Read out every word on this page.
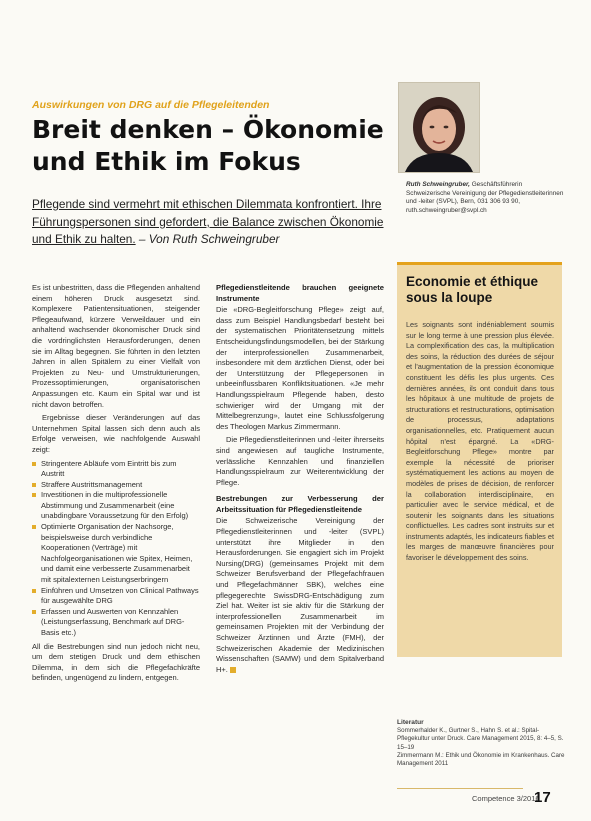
Auswirkungen von DRG auf die Pflegeleitenden
Breit denken – Ökonomie und Ethik im Fokus

Pflegende sind vermehrt mit ethischen Dilemmata konfrontiert. Ihre Führungspersonen sind gefordert, die Balance zwischen Ökonomie und Ethik zu halten. – Von Ruth Schweingruber

Ruth Schweingruber, Geschäftsführerin Schweizerische Vereinigung der Pflegedienstleiterinnen und -leiter (SVPL), Bern, 031 306 93 90, ruth.schweingruber@svpl.ch

Es ist unbestritten, dass die Pflegenden anhaltend einem höheren Druck ausgesetzt sind. Komplexere Patientensituationen, steigender Pflegeaufwand, kürzere Verweildauer und ein anhaltend wachsender ökonomischer Druck sind die vordringlichsten Herausforderungen, denen sie im Alltag begegnen. Sie führten in den letzten Jahren in allen Spitälern zu einer Vielfalt von Projekten zu Neu- und Umstrukturierungen, Prozessoptimierungen, organisatorischen Anpassungen etc. Kaum ein Spital war und ist nicht davon betroffen.

Ergebnisse dieser Veränderungen auf das Unternehmen Spital lassen sich denn auch als Erfolge verweisen, wie nachfolgende Auswahl zeigt:

Stringentere Abläufe vom Eintritt bis zum Austritt
Straffere Austrittsmanagement
Investitionen in die multiprofessionelle Abstimmung und Zusammenarbeit (eine unabdingbare Voraussetzung für den Erfolg)
Optimierte Organisation der Nachsorge, beispielsweise durch verbindliche Kooperationen (Verträge) mit Nachfolgeorganisationen wie Spitex, Heimen, und damit eine verbesserte Zusammenarbeit mit spitalexternen Leistungserbringern
Einführen und Umsetzen von Clinical Pathways für ausgewählte DRG
Erfassen und Auswerten von Kennzahlen (Leistungserfassung, Benchmark auf DRG-Basis etc.)

All die Bestrebungen sind nun jedoch nicht neu, um dem stetigen Druck und dem ethischen Dilemma, in dem sich die Pflegefachkräfte befinden, ungenügend zu lindern, entgegen.

Pflegedienstleitende brauchen geeignete Instrumente

Die «DRG-Begleitforschung Pflege» zeigt auf, dass zum Beispiel Handlungsbedarf besteht bei der systematischen Prioritätensetzung mittels Entscheidungsfindungsmodellen, bei der Stärkung der interprofessionellen Zusammenarbeit, insbesondere mit dem ärztlichen Dienst, oder bei der Unterstützung der Pflegepersonen in unbeeinflussbaren Konfliktsituationen. «Je mehr Handlungsspielraum Pflegende haben, desto schwieriger wird der Umgang mit der Mittelbegrenzung», lautet eine Schlussfolgerung des Theologen Markus Zimmermann.

Die Pflegedienstleiterinnen und -leiter ihrerseits sind angewiesen auf taugliche Instrumente, verlässliche Kennzahlen und finanziellen Handlungsspielraum zur Weiterentwicklung der Pflege.

Bestrebungen zur Verbesserung der Arbeitssituation für Pflegedienstleitende

Die Schweizerische Vereinigung der Pflegedienstleiterinnen und -leiter (SVPL) unterstützt ihre Mitglieder in den Herausforderungen. Sie engagiert sich im Projekt Nursing(DRG) (gemeinsames Projekt mit dem Schweizer Berufsverband der Pflegefachfrauen und Pflegefachmänner SBK), welches eine pflegegerechte SwissDRG-Entschädigung zum Ziel hat. Weiter ist sie aktiv für die Stärkung der interprofessionellen Zusammenarbeit im gemeinsamen Projekten mit der Verbindung der Schweizer Ärztinnen und Ärzte (FMH), der Schweizerischen Akademie der Medizinischen Wissenschaften (SAMW) und dem Spitalverband H+.

Economie et éthique sous la loupe

Les soignants sont indéniablement soumis sur le long terme à une pression plus élevée. La complexification des cas, la multiplication des soins, la réduction des durées de séjour et l'augmentation de la pression économique constituent les défis les plus urgents. Ces dernières années, ils ont conduit dans tous les hôpitaux à une multitude de projets de structurations et restructurations, optimisation de processus, adaptations organisationnelles, etc. Pratiquement aucun hôpital n'est épargné. La «DRG-Begleitforschung Pflege» montre par exemple la nécessité de prioriser systématiquement les actions au moyen de modèles de prises de décision, de renforcer la collaboration interdisciplinaire, en particulier avec le service médical, et de soutenir les soignants dans les situations conflictuelles. Les cadres sont instruits sur et instruments adaptés, les indicateurs fiables et les marges de manœuvre financières pour favoriser le développement des soins.

Literatur
Sommerhalder K., Gurtner S., Hahn S. et al.: Spital-Pflegekultur unter Druck. Care Management 2015, 8: 4–5, S. 15–19
Zimmermann M.: Ethik und Ökonomie im Krankenhaus. Care Management 2011
Competence 3/2016
17
